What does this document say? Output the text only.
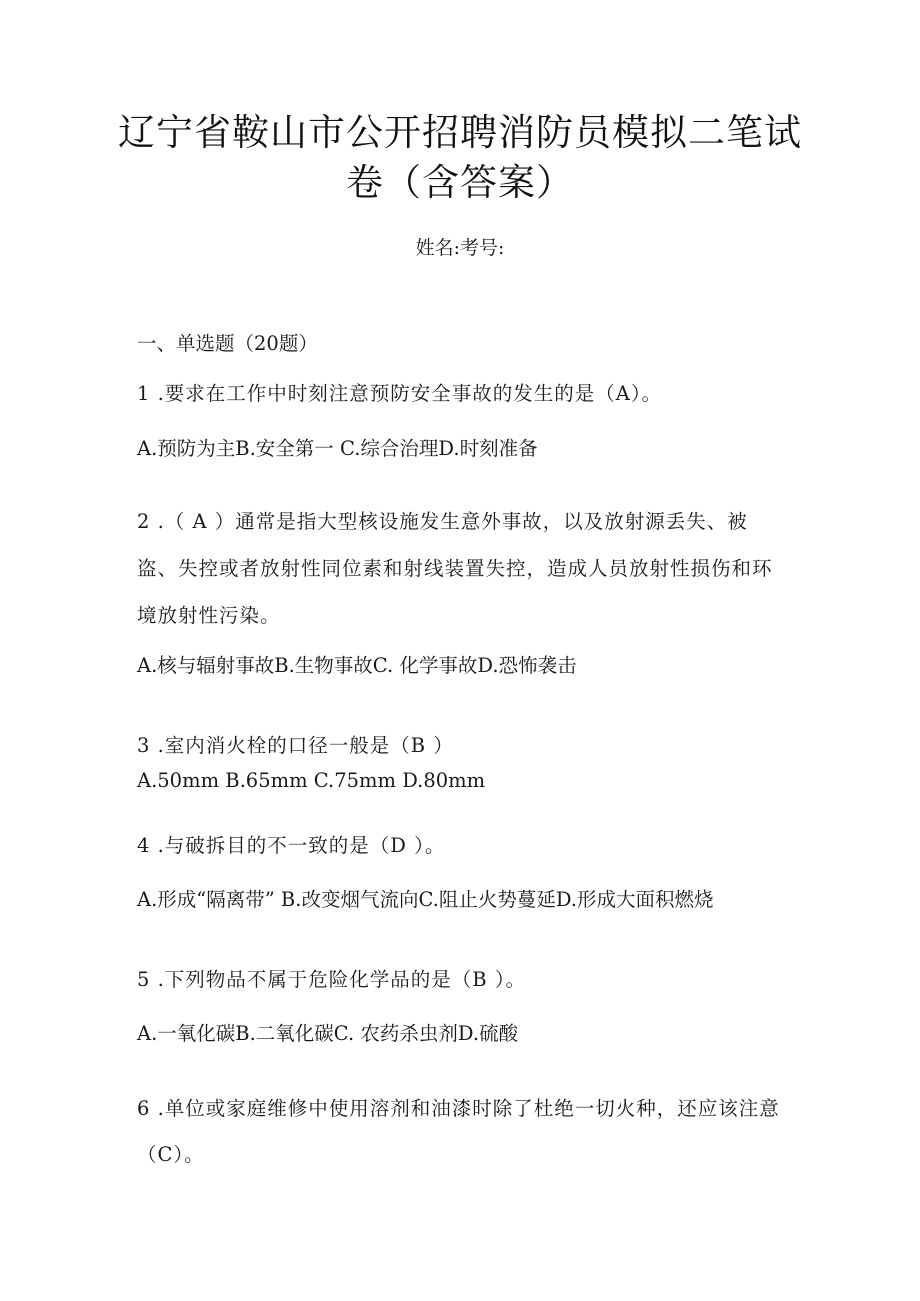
辽宁省鞍山市公开招聘消防员模拟二笔试
卷（含答案）
姓名:考号:
一、单选题（20题）
1 .要求在工作中时刻注意预防安全事故的发生的是（A）。
A.预防为主B.安全第一 C.综合治理D.时刻准备
2 .（ A ）通常是指大型核设施发生意外事故，以及放射源丢失、被
盗、失控或者放射性同位素和射线装置失控，造成人员放射性损伤和环
境放射性污染。
A.核与辐射事故B.生物事故C. 化学事故D.恐怖袭击
3 .室内消火栓的口径一般是（B ）
A.50mm B.65mm C.75mm D.80mm
4 .与破拆目的不一致的是（D ）。
A.形成“隔离带” B.改变烟气流向C.阻止火势蔓延D.形成大面积燃烧
5 .下列物品不属于危险化学品的是（B ）。
A.一氧化碳B.二氧化碳C. 农药杀虫剂D.硫酸
6 .单位或家庭维修中使用溶剂和油漆时除了杜绝一切火种，还应该注意
（C）。
